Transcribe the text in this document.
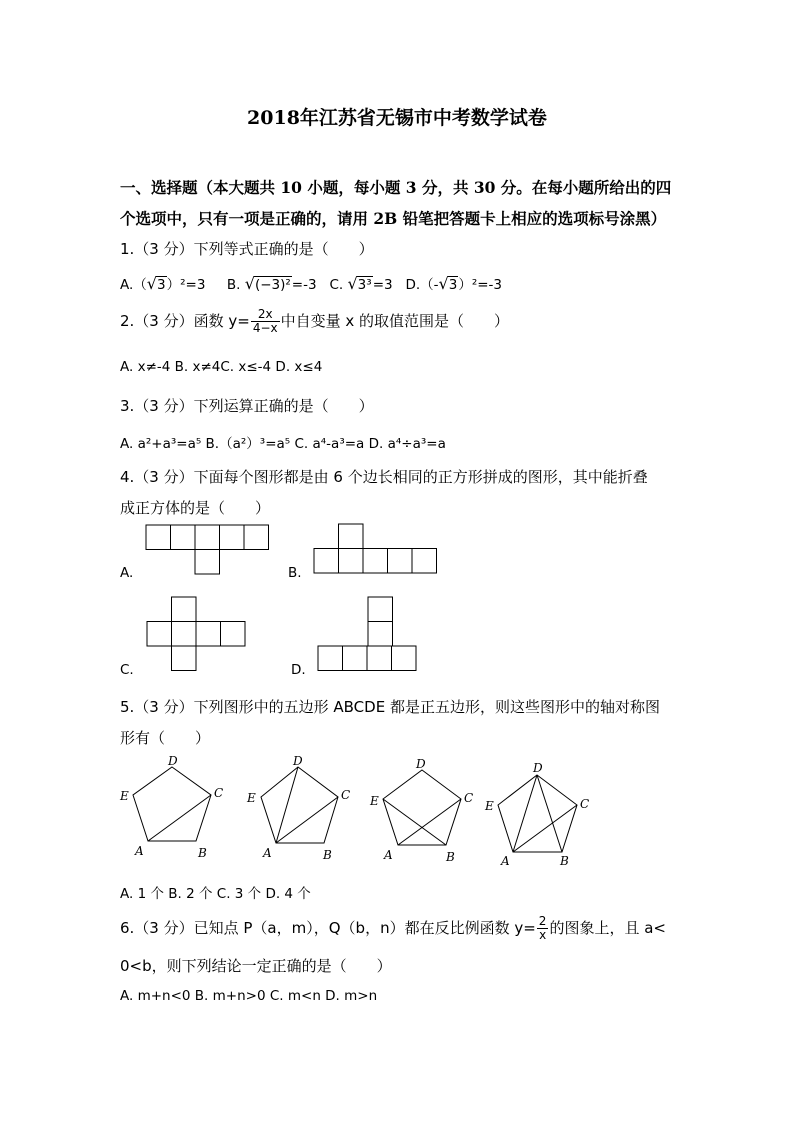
2018年江苏省无锡市中考数学试卷
一、选择题（本大题共 10 小题，每小题 3 分，共 30 分。在每小题所给出的四
个选项中，只有一项是正确的，请用 2B 铅笔把答题卡上相应的选项标号涂黑）
1.（3 分）下列等式正确的是（　　）
A.（√3）²=3 B. √(−3)²=-3 C. √3³=3 D.（-√3）²=-3
2.（3 分）函数 $y= \frac{2x}{4-x}$ 中自变量 x 的取值范围是（　　）
A. x≠-4 B. x≠4C. x≤-4 D. x≤4
3.（3 分）下列运算正确的是（　　）
A. a²+a³=a⁵ B.（a²）³=a⁵ C. a⁴-a³=a D. a⁴÷a³=a
4.（3 分）下面每个图形都是由 6 个边长相同的正方形拼成的图形，其中能折叠
成正方体的是（　　）
A.	B.
C.	D.
5.（3 分）下列图形中的五边形 ABCDE 都是正五边形，则这些图形中的轴对称图
形有（　　）
D
C
B
A
E
D
C
B
A
E
D
C
B
A
E
D
C
B
A
E
A. 1 个 B. 2 个 C. 3 个 D. 4 个
6.（3 分）已知点 P（a，m），Q（b，n）都在反比例函数 $y= \frac{2}{x}$ 的图象上，且 a<
0<b，则下列结论一定正确的是（　　）
A. m+n<0 B. m+n>0 C. m<n D. m>n
